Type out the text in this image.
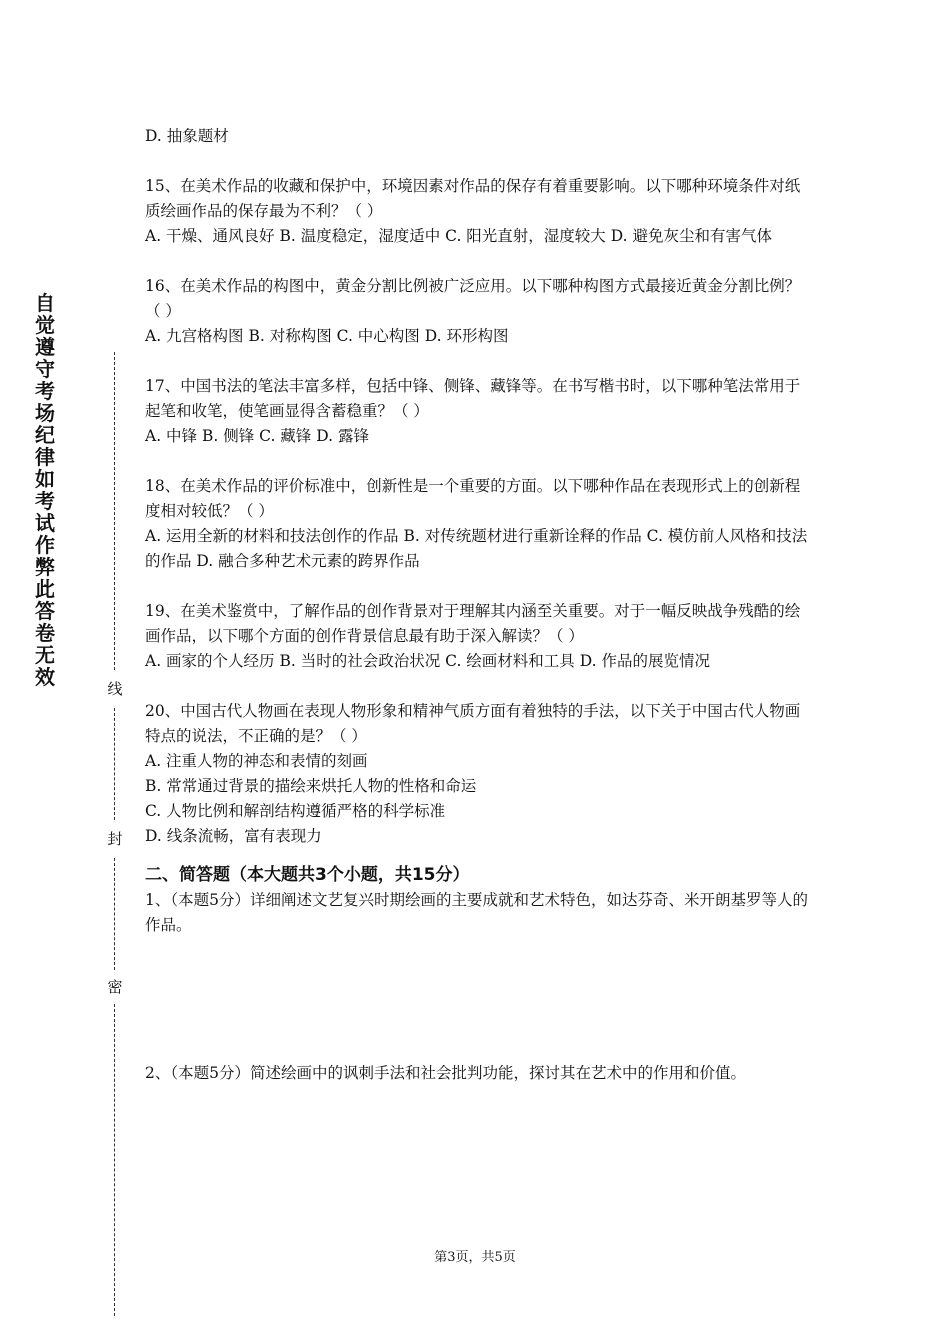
自觉遵守考场纪律如考试作弊此答卷无效	线
封
密

D. 抽象题材

15、在美术作品的收藏和保护中，环境因素对作品的保存有着重要影响。以下哪种环境条件对纸质绘画作品的保存最为不利？（ ）

A. 干燥、通风良好 B. 温度稳定，湿度适中 C. 阳光直射，湿度较大 D. 避免灰尘和有害气体

16、在美术作品的构图中，黄金分割比例被广泛应用。以下哪种构图方式最接近黄金分割比例？（ ）

A. 九宫格构图 B. 对称构图 C. 中心构图 D. 环形构图

17、中国书法的笔法丰富多样，包括中锋、侧锋、藏锋等。在书写楷书时，以下哪种笔法常用于起笔和收笔，使笔画显得含蓄稳重？（ ）

A. 中锋 B. 侧锋 C. 藏锋 D. 露锋

18、在美术作品的评价标准中，创新性是一个重要的方面。以下哪种作品在表现形式上的创新程度相对较低？（ ）

A. 运用全新的材料和技法创作的作品 B. 对传统题材进行重新诠释的作品 C. 模仿前人风格和技法的作品 D. 融合多种艺术元素的跨界作品

19、在美术鉴赏中，了解作品的创作背景对于理解其内涵至关重要。对于一幅反映战争残酷的绘画作品，以下哪个方面的创作背景信息最有助于深入解读？（ ）

A. 画家的个人经历 B. 当时的社会政治状况 C. 绘画材料和工具 D. 作品的展览情况

20、中国古代人物画在表现人物形象和精神气质方面有着独特的手法，以下关于中国古代人物画特点的说法，不正确的是？（ ）

A. 注重人物的神态和表情的刻画

B. 常常通过背景的描绘来烘托人物的性格和命运

C. 人物比例和解剖结构遵循严格的科学标准

D. 线条流畅，富有表现力

二、简答题（本大题共3个小题，共15分）

1、（本题5分）详细阐述文艺复兴时期绘画的主要成就和艺术特色，如达芬奇、米开朗基罗等人的作品。

2、（本题5分）简述绘画中的讽刺手法和社会批判功能，探讨其在艺术中的作用和价值。

第3页，共5页
